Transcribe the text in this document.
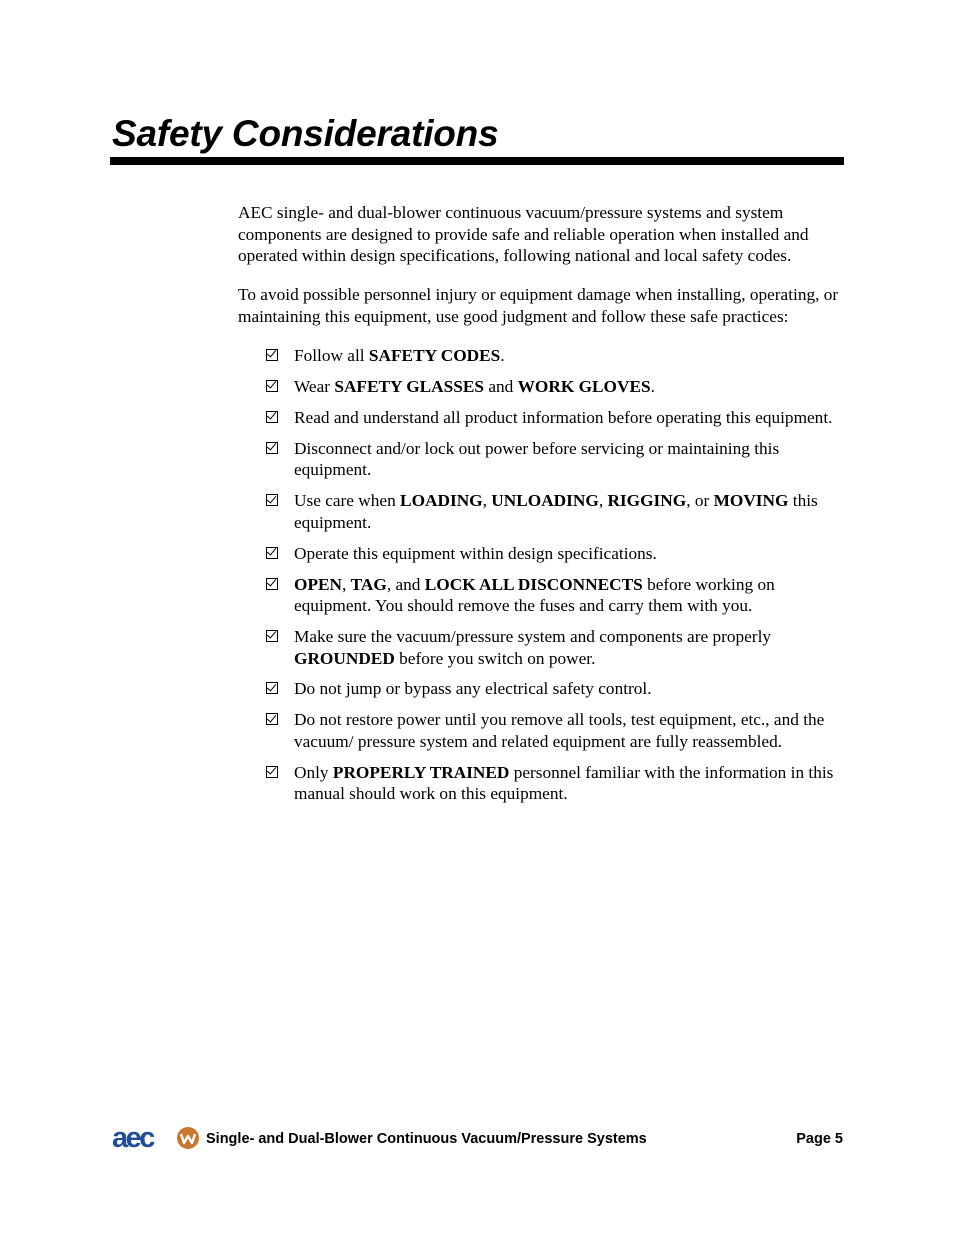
Safety Considerations

AEC single- and dual-blower continuous vacuum/pressure systems and system components are designed to provide safe and reliable operation when installed and operated within design specifications, following national and local safety codes.

To avoid possible personnel injury or equipment damage when installing, operating, or maintaining this equipment, use good judgment and follow these safe practices:

Follow all SAFETY CODES.
Wear SAFETY GLASSES and WORK GLOVES.
Read and understand all product information before operating this equipment.
Disconnect and/or lock out power before servicing or maintaining this equipment.
Use care when LOADING, UNLOADING, RIGGING, or MOVING this equipment.
Operate this equipment within design specifications.
OPEN, TAG, and LOCK ALL DISCONNECTS before working on equipment. You should remove the fuses and carry them with you.
Make sure the vacuum/pressure system and components are properly GROUNDED before you switch on power.
Do not jump or bypass any electrical safety control.
Do not restore power until you remove all tools, test equipment, etc., and the vacuum/ pressure system and related equipment are fully reassembled.
Only PROPERLY TRAINED personnel familiar with the information in this manual should work on this equipment.
aec	Single- and Dual-Blower Continuous Vacuum/Pressure Systems	Page 5
